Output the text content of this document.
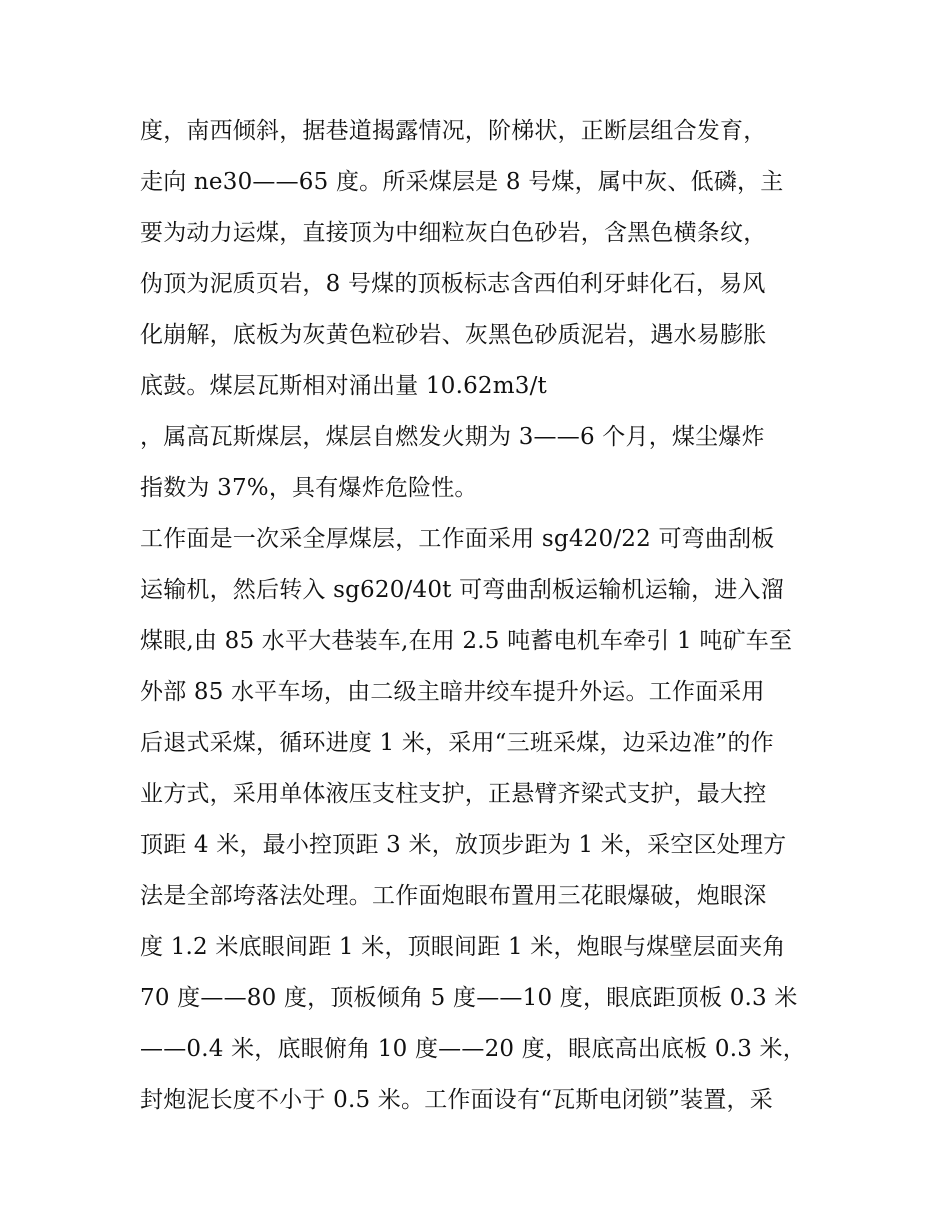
度，南西倾斜，据巷道揭露情况，阶梯状，正断层组合发育，
走向 ne30——65 度。所采煤层是 8 号煤，属中灰、低磷，主
要为动力运煤，直接顶为中细粒灰白色砂岩，含黑色横条纹，
伪顶为泥质页岩，8 号煤的顶板标志含西伯利牙蚌化石，易风
化崩解，底板为灰黄色粒砂岩、灰黑色砂质泥岩，遇水易膨胀
底鼓。煤层瓦斯相对涌出量 10.62m3/t
，属高瓦斯煤层，煤层自燃发火期为 3——6 个月，煤尘爆炸
指数为 37%，具有爆炸危险性。
工作面是一次采全厚煤层，工作面采用 sg420/22 可弯曲刮板
运输机，然后转入 sg620/40t 可弯曲刮板运输机运输，进入溜
煤眼,由 85 水平大巷装车,在用 2.5 吨蓄电机车牵引 1 吨矿车至
外部 85 水平车场，由二级主暗井绞车提升外运。工作面采用
后退式采煤，循环进度 1 米，采用“三班采煤，边采边准”的作
业方式，采用单体液压支柱支护，正悬臂齐梁式支护，最大控
顶距 4 米，最小控顶距 3 米，放顶步距为 1 米，采空区处理方
法是全部垮落法处理。工作面炮眼布置用三花眼爆破，炮眼深
度 1.2 米底眼间距 1 米，顶眼间距 1 米，炮眼与煤壁层面夹角
70 度——80 度，顶板倾角 5 度——10 度，眼底距顶板 0.3 米
——0.4 米，底眼俯角 10 度——20 度，眼底高出底板 0.3 米，
封炮泥长度不小于 0.5 米。工作面设有“瓦斯电闭锁”装置，采
